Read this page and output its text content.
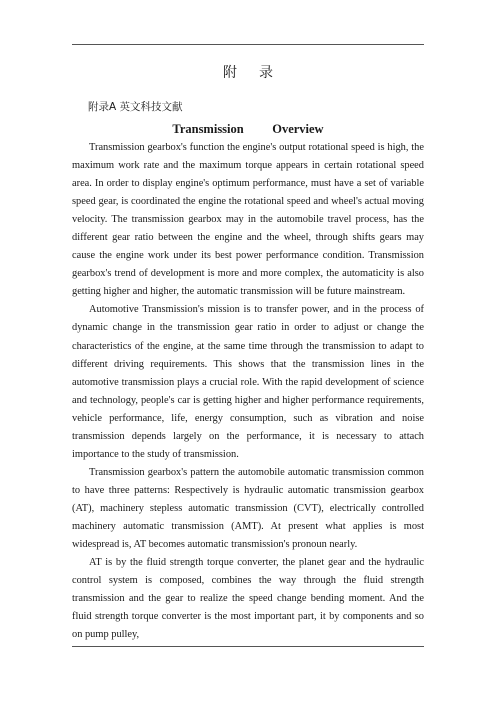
附录
附录A 英文科技文献
Transmission    Overview

Transmission gearbox's function the engine's output rotational speed is high, the maximum work rate and the maximum torque appears in certain rotational speed area. In order to display engine's optimum performance, must have a set of variable speed gear, is coordinated the engine the rotational speed and wheel's actual moving velocity. The transmission gearbox may in the automobile travel process, has the different gear ratio between the engine and the wheel, through shifts gears may cause the engine work under its best power performance condition. Transmission gearbox's trend of development is more and more complex, the automaticity is also getting higher and higher, the automatic transmission will be future mainstream.

Automotive Transmission's mission is to transfer power, and in the process of dynamic change in the transmission gear ratio in order to adjust or change the characteristics of the engine, at the same time through the transmission to adapt to different driving requirements. This shows that the transmission lines in the automotive transmission plays a crucial role. With the rapid development of science and technology, people's car is getting higher and higher performance requirements, vehicle performance, life, energy consumption, such as vibration and noise transmission depends largely on the performance, it is necessary to attach importance to the study of transmission.

Transmission gearbox's pattern the automobile automatic transmission common to have three patterns: Respectively is hydraulic automatic transmission gearbox (AT), machinery stepless automatic transmission (CVT), electrically controlled machinery automatic transmission (AMT). At present what applies is most widespread is, AT becomes automatic transmission's pronoun nearly.

AT is by the fluid strength torque converter, the planet gear and the hydraulic control system is composed, combines the way through the fluid strength transmission and the gear to realize the speed change bending moment. And the fluid strength torque converter is the most important part, it by components and so on pump pulley,
